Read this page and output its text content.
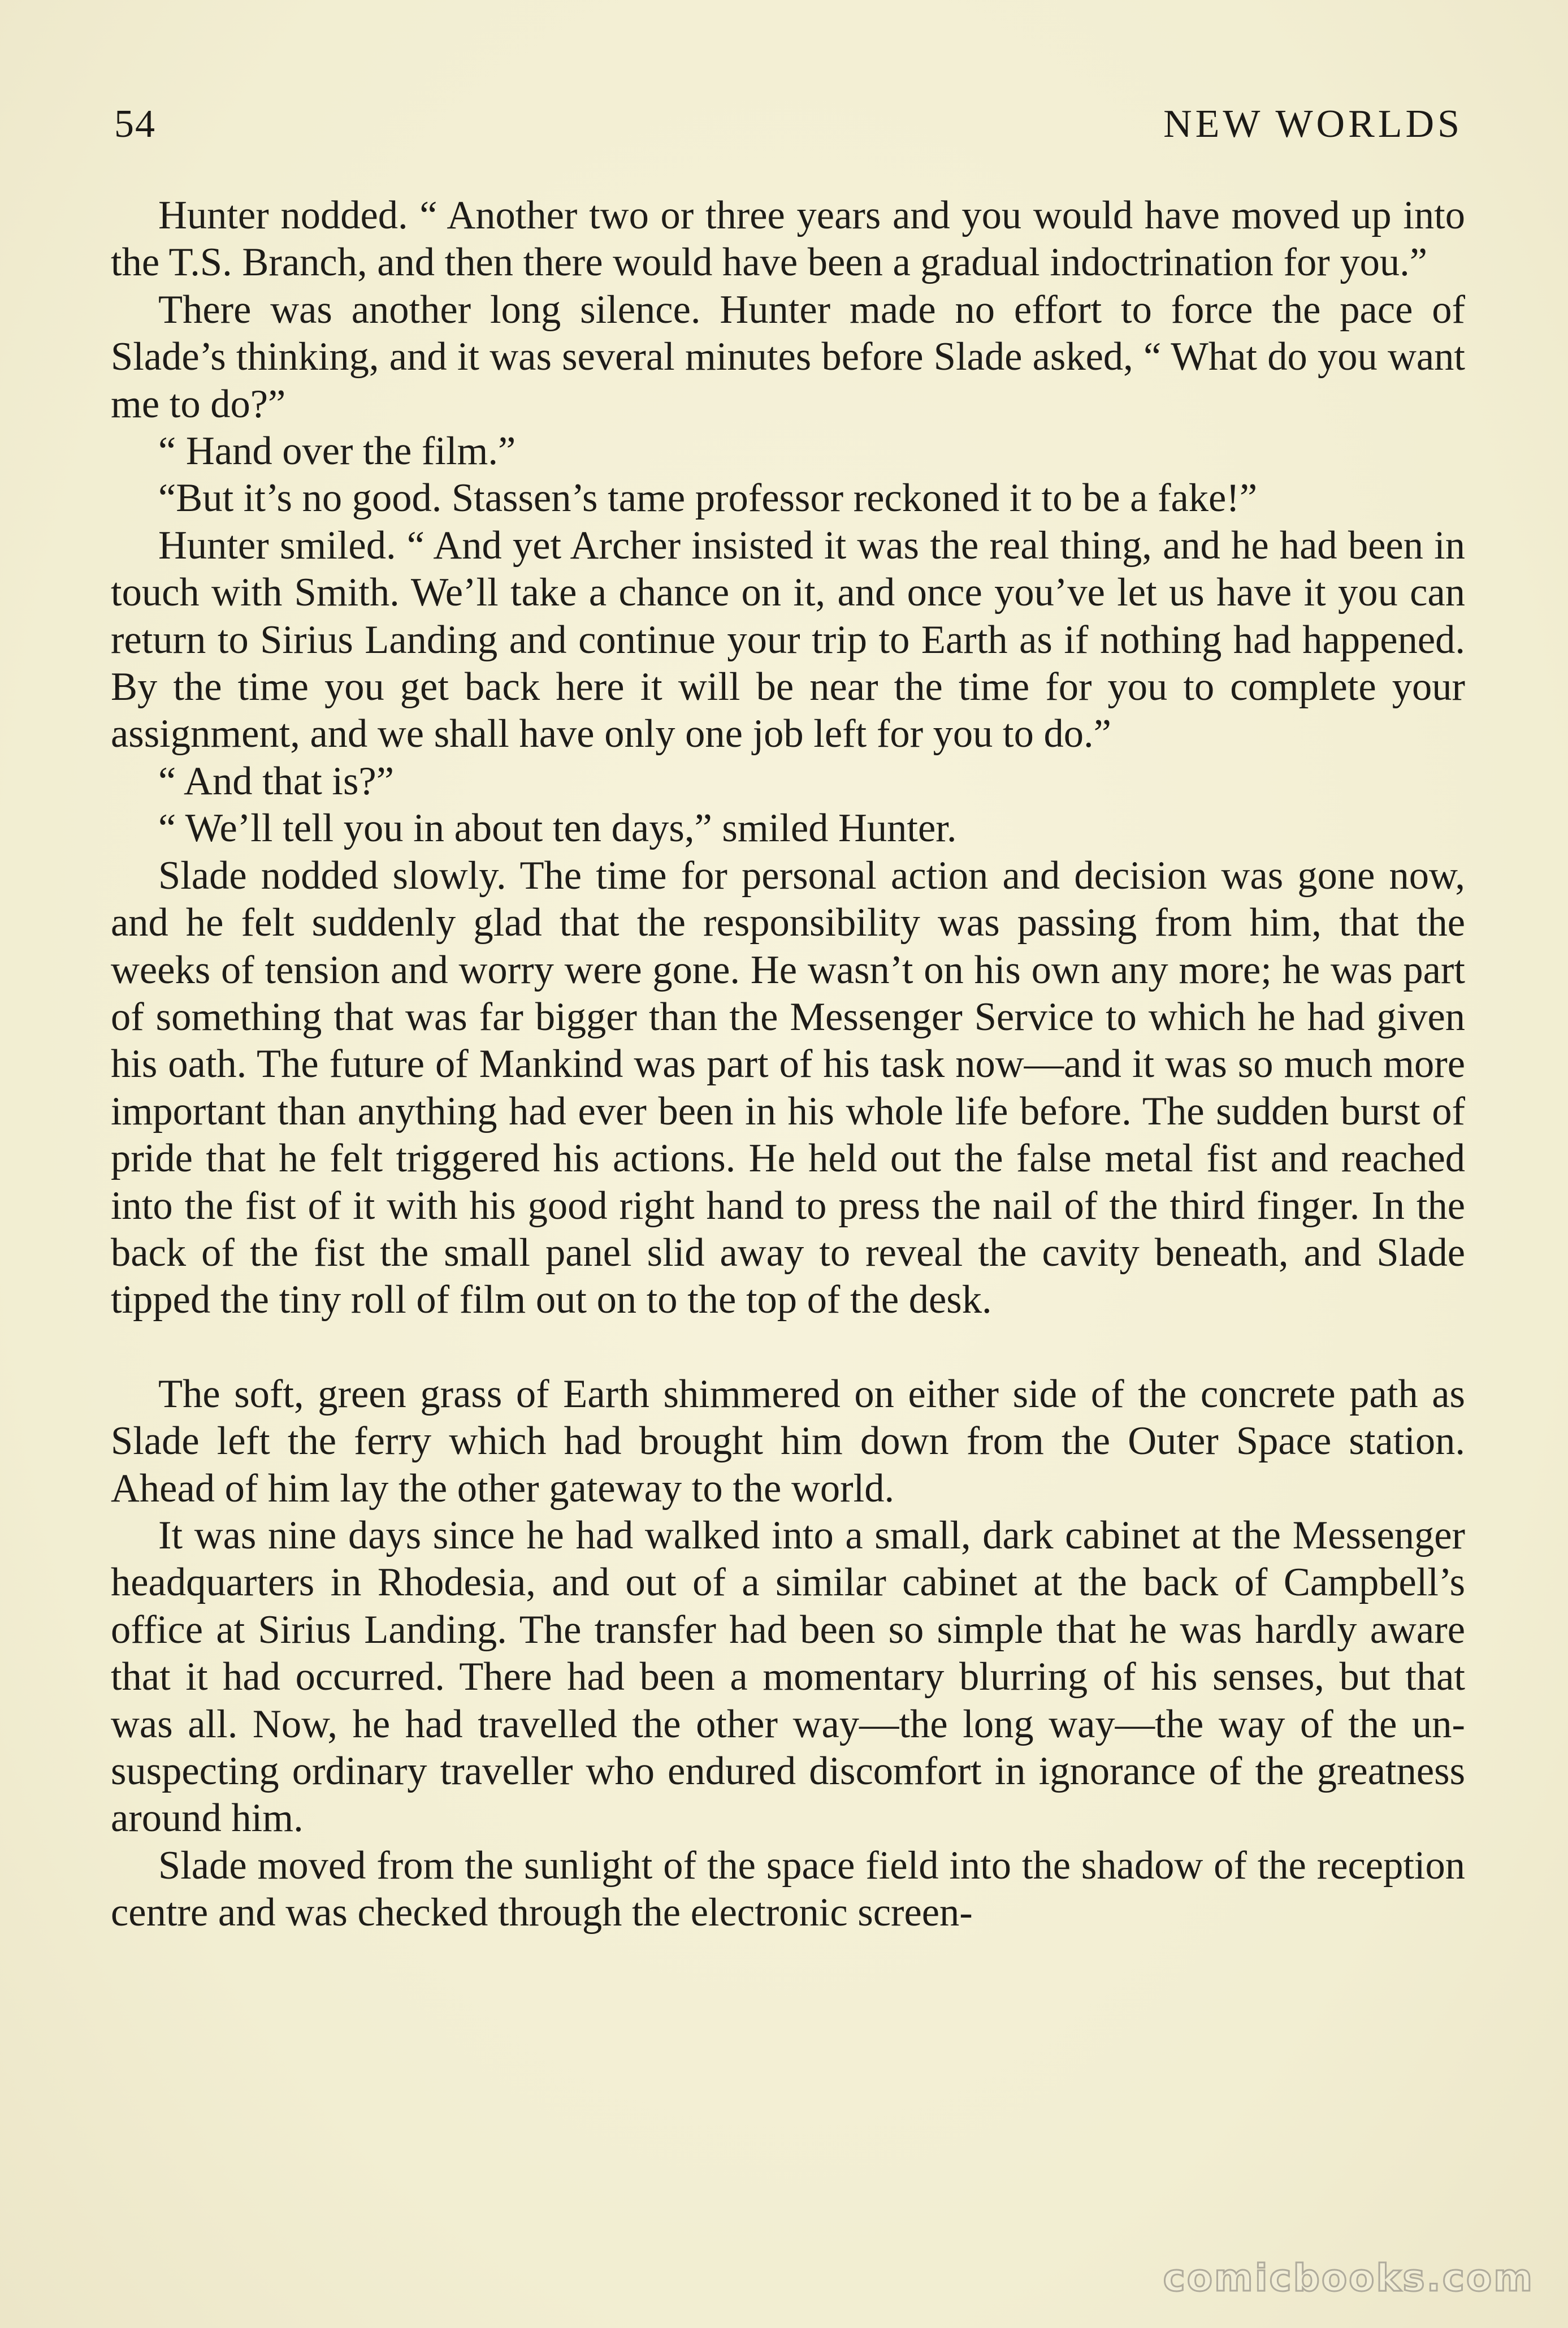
54	NEW WORLDS

Hunter nodded. “ Another two or three years and you would have moved up into the T.S. Branch, and then there would have been a gradual indoctrination for you.”

There was another long silence. Hunter made no effort to force the pace of Slade’s thinking, and it was several minutes before Slade asked, “ What do you want me to do?”

“ Hand over the film.”

“But it’s no good. Stassen’s tame professor reckoned it to be a fake!”

Hunter smiled. “ And yet Archer insisted it was the real thing, and he had been in touch with Smith. We’ll take a chance on it, and once you’ve let us have it you can return to Sirius Landing and continue your trip to Earth as if nothing had happened. By the time you get back here it will be near the time for you to complete your assignment, and we shall have only one job left for you to do.”

“ And that is?”

“ We’ll tell you in about ten days,” smiled Hunter.

Slade nodded slowly. The time for personal action and decision was gone now, and he felt suddenly glad that the responsibility was passing from him, that the weeks of tension and worry were gone. He wasn’t on his own any more; he was part of something that was far bigger than the Messenger Service to which he had given his oath. The future of Mankind was part of his task now—and it was so much more important than anything had ever been in his whole life before. The sudden burst of pride that he felt triggered his actions. He held out the false metal fist and reached into the fist of it with his good right hand to press the nail of the third finger. In the back of the fist the small panel slid away to reveal the cavity beneath, and Slade tipped the tiny roll of film out on to the top of the desk.

The soft, green grass of Earth shimmered on either side of the concrete path as Slade left the ferry which had brought him down from the Outer Space station. Ahead of him lay the other gateway to the world.

It was nine days since he had walked into a small, dark cabinet at the Messenger headquarters in Rhodesia, and out of a similar cabinet at the back of Campbell’s office at Sirius Landing. The transfer had been so simple that he was hardly aware that it had occurred. There had been a momentary blurring of his senses, but that was all. Now, he had travelled the other way—the long way—the way of the unsuspecting ordinary traveller who endured discomfort in ignorance of the greatness around him.

Slade moved from the sunlight of the space field into the shadow of the reception centre and was checked through the electronic screen-

comicbooks.com
